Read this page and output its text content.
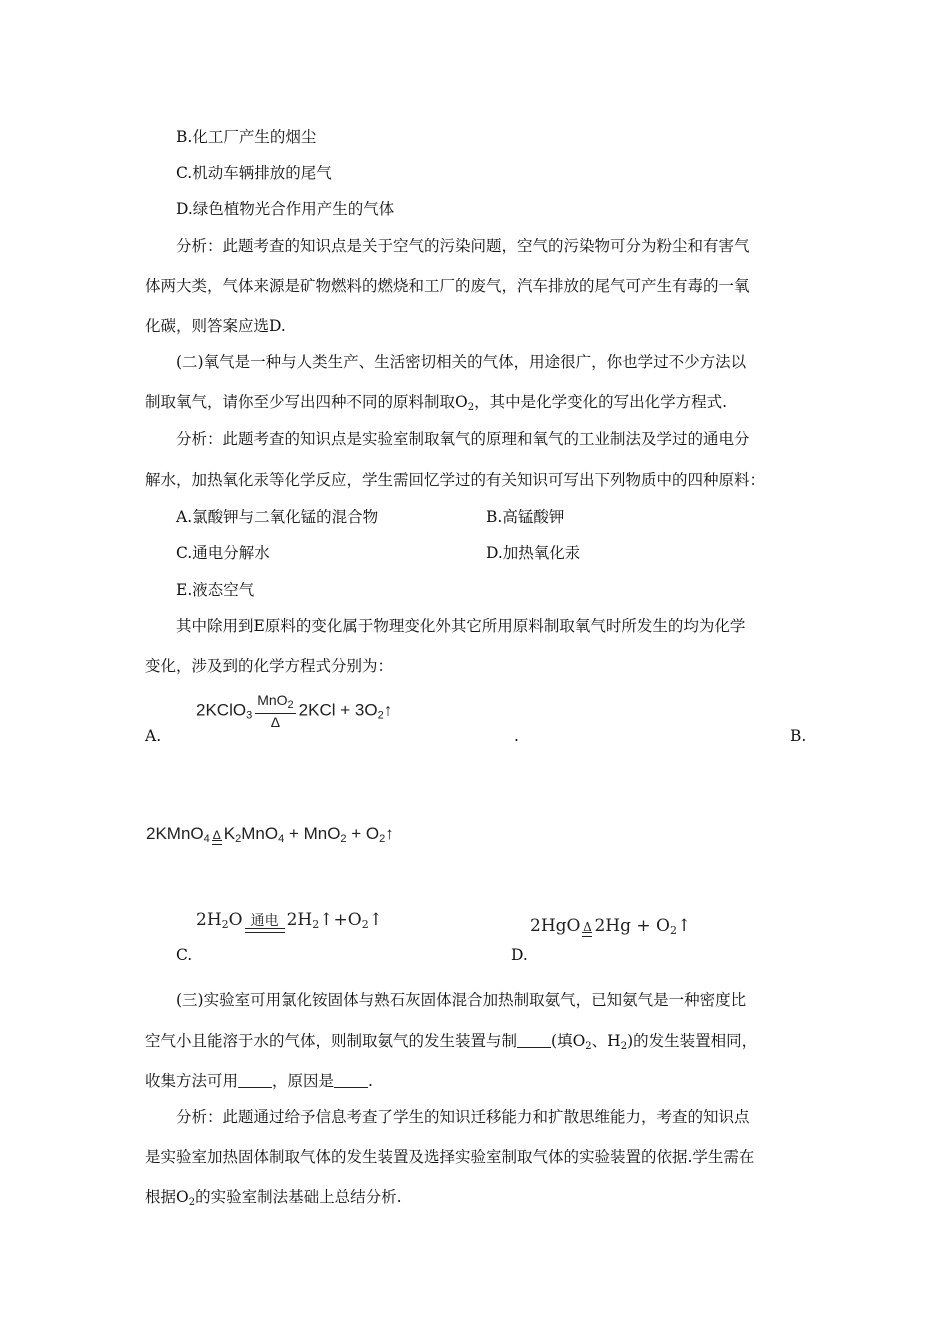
B.化工厂产生的烟尘
C.机动车辆排放的尾气
D.绿色植物光合作用产生的气体
分析：此题考查的知识点是关于空气的污染问题，空气的污染物可分为粉尘和有害气
体两大类，气体来源是矿物燃料的燃烧和工厂的废气，汽车排放的尾气可产生有毒的一氧
化碳，则答案应选D.
(二)氧气是一种与人类生产、生活密切相关的气体，用途很广，你也学过不少方法以
制取氧气，请你至少写出四种不同的原料制取O2，其中是化学变化的写出化学方程式.
分析：此题考查的知识点是实验室制取氧气的原理和氧气的工业制法及学过的通电分
解水，加热氧化汞等化学反应，学生需回忆学过的有关知识可写出下列物质中的四种原料：
A.氯酸钾与二氧化锰的混合物	B.高锰酸钾
C.通电分解水	D.加热氧化汞
E.液态空气
其中除用到E原料的变化属于物理变化外其它所用原料制取氧气时所发生的均为化学
变化，涉及到的化学方程式分别为：
2KClO$_3$ $\frac{MnO_2}{\Delta} 2KCl$ + $3O_2↑$
A.	.	B.
2KMnO$_4$ Δ $K_2MnO_4 + MnO_2$ + $O_2↑$
$2H_2O$ 通电 $2H_2↑+O_2↑$	2HgO Δ $2Hg + O_2↑$
C.	D.
(三)实验室可用氯化铵固体与熟石灰固体混合加热制取氨气，已知氨气是一种密度比
空气小且能溶于水的气体，则制取氨气的发生装置与制 (填O2、H2)的发生装置相同，
收集方法可用 ，原因是 .
分析：此题通过给予信息考查了学生的知识迁移能力和扩散思维能力，考查的知识点
是实验室加热固体制取气体的发生装置及选择实验室制取气体的实验装置的依据.学生需在
根据O2的实验室制法基础上总结分析.
